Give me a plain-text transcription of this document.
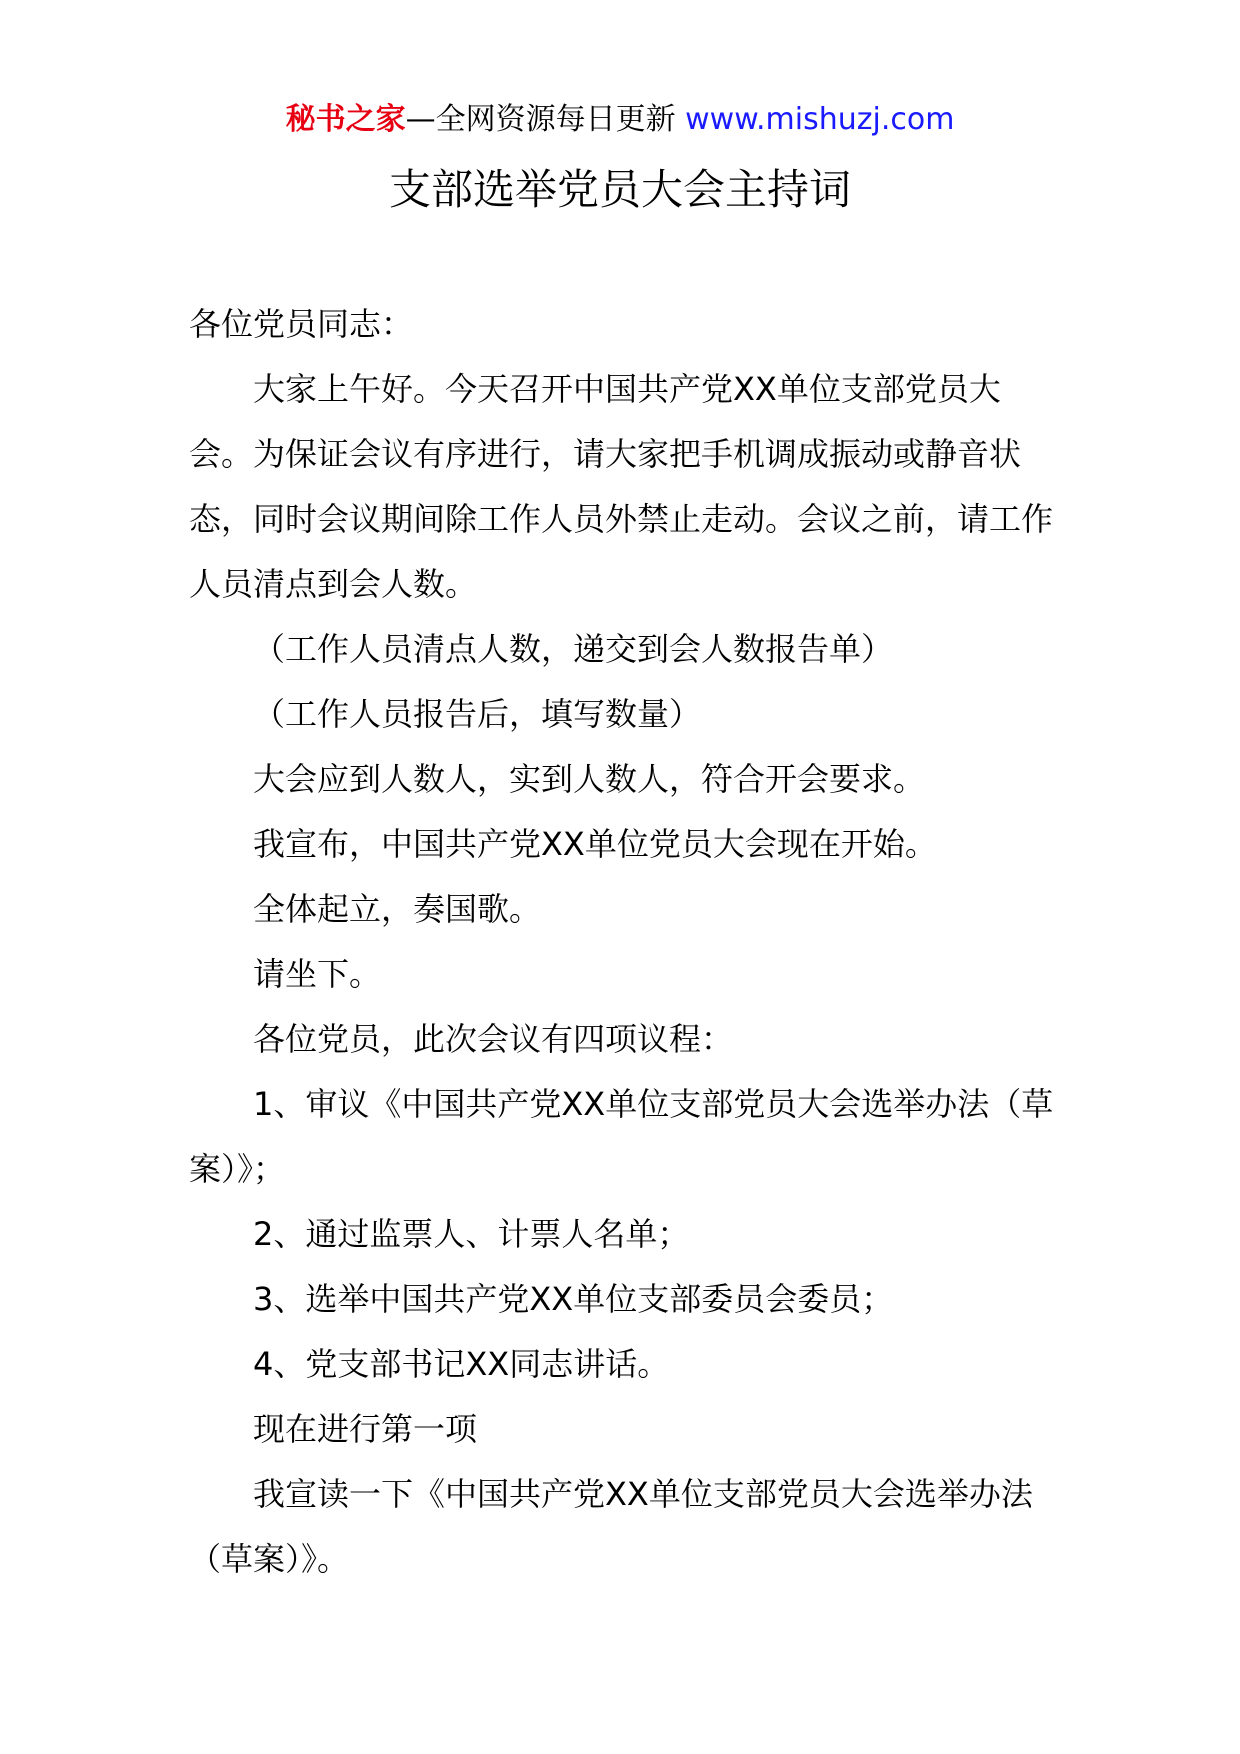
秘书之家—全网资源每日更新 www.mishuzj.com
支部选举党员大会主持词

各位党员同志：

大家上午好。今天召开中国共产党XX单位支部党员大会。为保证会议有序进行，请大家把手机调成振动或静音状态，同时会议期间除工作人员外禁止走动。会议之前，请工作人员清点到会人数。

（工作人员清点人数，递交到会人数报告单）

（工作人员报告后，填写数量）

大会应到人数人，实到人数人，符合开会要求。

我宣布，中国共产党XX单位党员大会现在开始。

全体起立，奏国歌。

请坐下。

各位党员，此次会议有四项议程：

1、审议《中国共产党XX单位支部党员大会选举办法（草案）》；

2、通过监票人、计票人名单；

3、选举中国共产党XX单位支部委员会委员；

4、党支部书记XX同志讲话。

现在进行第一项

我宣读一下《中国共产党XX单位支部党员大会选举办法（草案）》。
